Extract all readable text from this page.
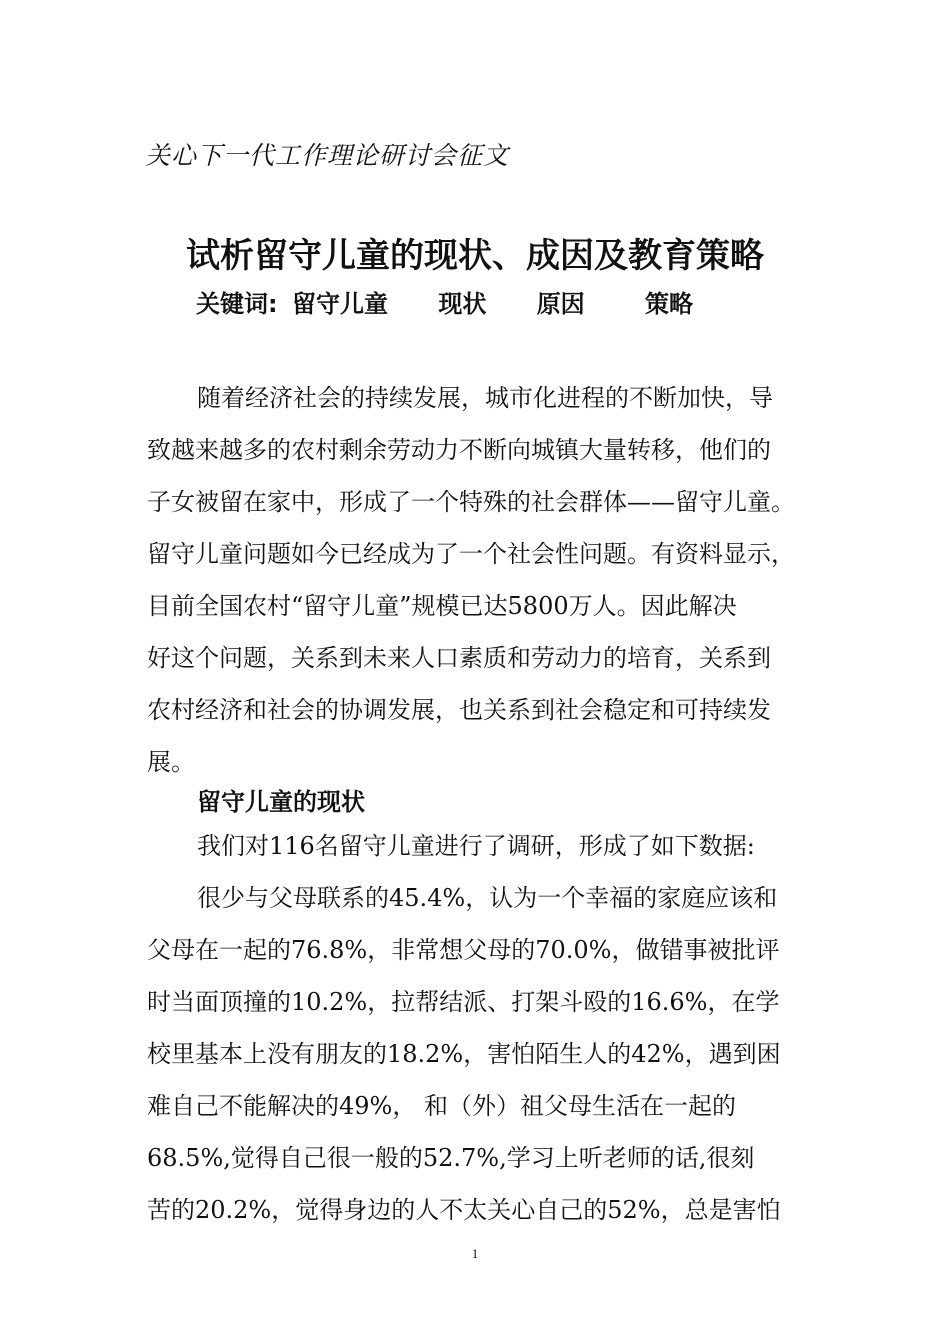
关心下一代工作理论研讨会征文
试析留守儿童的现状、成因及教育策略
关键词: 留守儿童 现状 原因	策略
随着经济社会的持续发展，城市化进程的不断加快，导
致越来越多的农村剩余劳动力不断向城镇大量转移，他们的
子女被留在家中，形成了一个特殊的社会群体——留守儿童。
留守儿童问题如今已经成为了一个社会性问题。有资料显示，
目前全国农村“留守儿童”规模已达5800万人。因此解决
好这个问题，关系到未来人口素质和劳动力的培育，关系到
农村经济和社会的协调发展，也关系到社会稳定和可持续发
展。
留守儿童的现状
我们对116名留守儿童进行了调研，形成了如下数据:
很少与父母联系的45.4%，认为一个幸福的家庭应该和
父母在一起的76.8%，非常想父母的70.0%，做错事被批评
时当面顶撞的10.2%，拉帮结派、打架斗殴的16.6%，在学
校里基本上没有朋友的18.2%，害怕陌生人的42%，遇到困
难自己不能解决的49%， 和（外）祖父母生活在一起的
68.5%,觉得自己很一般的52.7%,学习上听老师的话,很刻
苦的20.2%，觉得身边的人不太关心自己的52%，总是害怕
1
